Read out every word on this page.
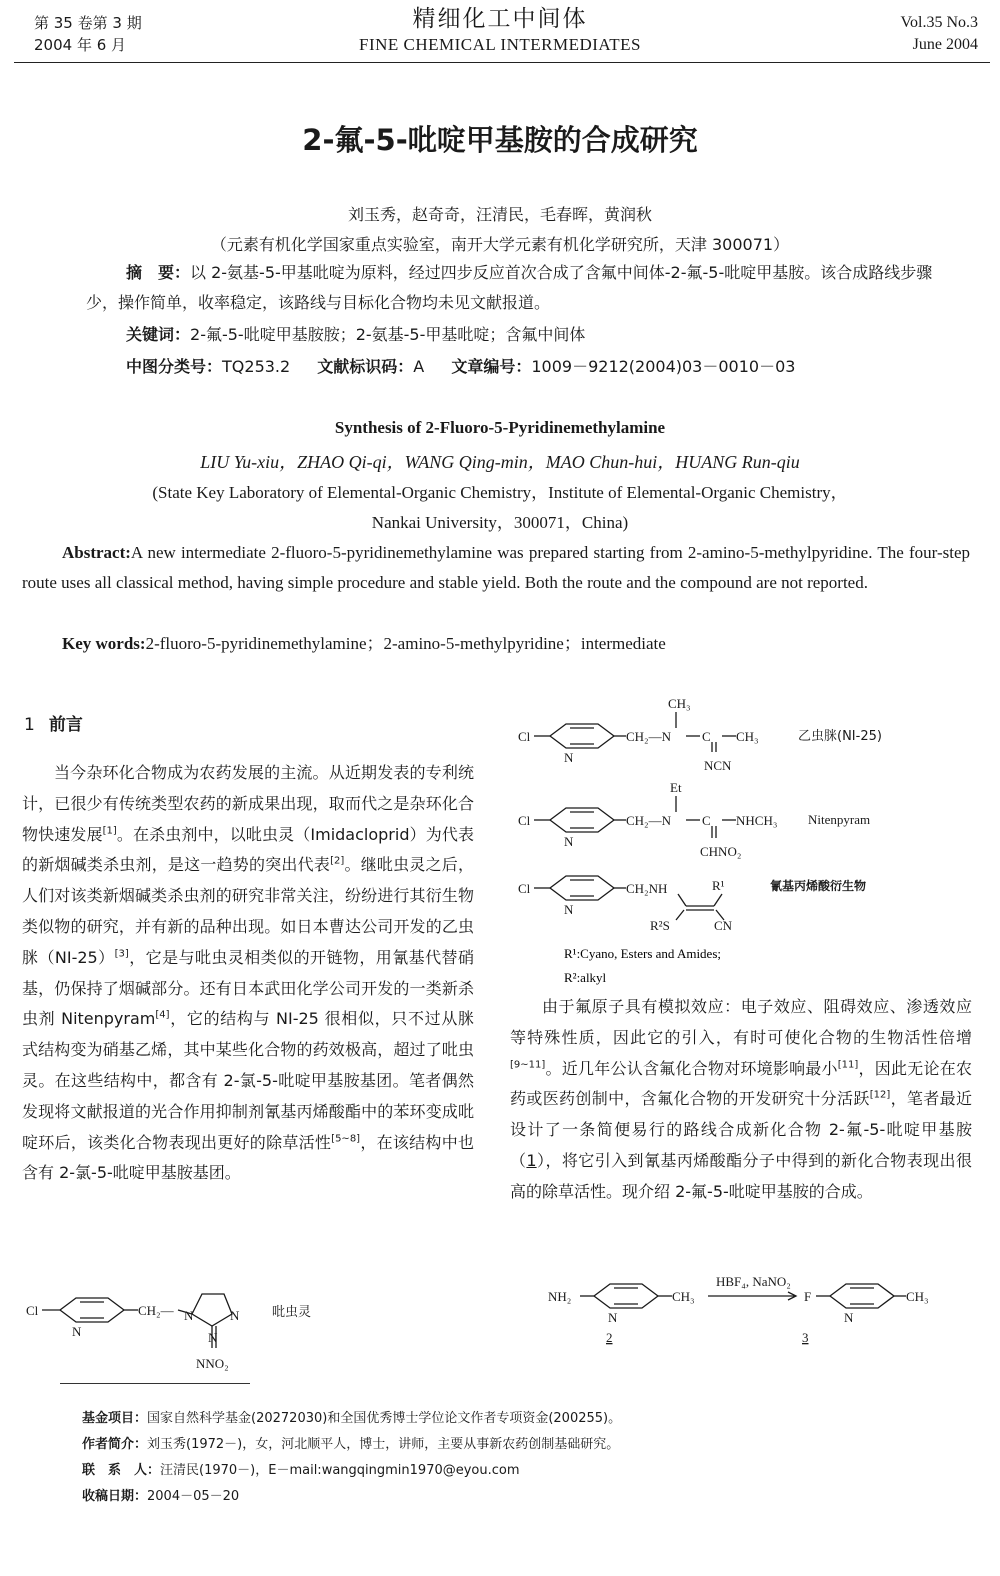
第 35 卷第 3 期
2004 年 6 月
精细化工中间体
FINE CHEMICAL INTERMEDIATES
Vol.35 No.3
June 2004
2-氟-5-吡啶甲基胺的合成研究
刘玉秀，赵奇奇，汪清民，毛春晖，黄润秋
（元素有机化学国家重点实验室，南开大学元素有机化学研究所，天津 300071）
摘　要：以 2-氨基-5-甲基吡啶为原料，经过四步反应首次合成了含氟中间体-2-氟-5-吡啶甲基胺。该合成路线步骤少，操作简单，收率稳定，该路线与目标化合物均未见文献报道。
关键词：2-氟-5-吡啶甲基胺胺；2-氨基-5-甲基吡啶；含氟中间体
中图分类号：TQ253.2 文献标识码：A 文章编号：1009－9212(2004)03－0010－03
Synthesis of 2-Fluoro-5-Pyridinemethylamine
LIU Yu-xiu，ZHAO Qi-qi，WANG Qing-min，MAO Chun-hui，HUANG Run-qiu
(State Key Laboratory of Elemental-Organic Chemistry，Institute of Elemental-Organic Chemistry，
Nankai University，300071，China)
Abstract:A new intermediate 2-fluoro-5-pyridinemethylamine was prepared starting from 2-amino-5-methylpyridine. The four-step route uses all classical method, having simple procedure and stable yield. Both the route and the compound are not reported.
Key words:2-fluoro-5-pyridinemethylamine；2-amino-5-methylpyridine；intermediate
1 前言
当今杂环化合物成为农药发展的主流。从近期发表的专利统计，已很少有传统类型农药的新成果出现，取而代之是杂环化合物快速发展[1]。在杀虫剂中，以吡虫灵（Imidacloprid）为代表的新烟碱类杀虫剂，是这一趋势的突出代表[2]。继吡虫灵之后，人们对该类新烟碱类杀虫剂的研究非常关注，纷纷进行其衍生物类似物的研究，并有新的品种出现。如日本曹达公司开发的乙虫脒（NI-25）[3]，它是与吡虫灵相类似的开链物，用氰基代替硝基，仍保持了烟碱部分。还有日本武田化学公司开发的一类新杀虫剂 Nitenpyram[4]，它的结构与 NI-25 很相似，只不过从脒式结构变为硝基乙烯，其中某些化合物的药效极高，超过了吡虫灵。在这些结构中，都含有 2-氯-5-吡啶甲基胺基团。笔者偶然发现将文献报道的光合作用抑制剂氰基丙烯酸酯中的苯环变成吡啶环后，该类化合物表现出更好的除草活性[5~8]，在该结构中也含有 2-氯-5-吡啶甲基胺基团。
Cl
N
CH₂— N	N
N
NNO₂
吡虫灵
Cl
N
CH₂—N
CH₃
C CH₃
NCN
乙虫脒(NI-25)
Cl
N
CH₂—N
Et
C NHCH₃
CHNO₂
Nitenpyram
Cl
N
CH₂NH	R¹
R²S	CN
氰基丙烯酸衍生物
R¹:Cyano, Esters and Amides;
R²:alkyl
由于氟原子具有模拟效应：电子效应、阻碍效应、渗透效应等特殊性质，因此它的引入，有时可使化合物的生物活性倍增[9~11]。近几年公认含氟化合物对环境影响最小[11]，因此无论在农药或医药创制中，含氟化合物的开发研究十分活跃[12]，笔者最近设计了一条简便易行的路线合成新化合物 2-氟-5-吡啶甲基胺（1），将它引入到氰基丙烯酸酯分子中得到的新化合物表现出很高的除草活性。现介绍 2-氟-5-吡啶甲基胺的合成。
NH₂
N
CH₃
HBF₄, NaNO₂
F
N
CH₃
2	3
基金项目：国家自然科学基金(20272030)和全国优秀博士学位论文作者专项资金(200255)。
作者简介：刘玉秀(1972－)，女，河北顺平人，博士，讲师，主要从事新农药创制基础研究。
联　系　人：汪清民(1970－)，E－mail:wangqingmin1970@eyou.com
收稿日期：2004－05－20
